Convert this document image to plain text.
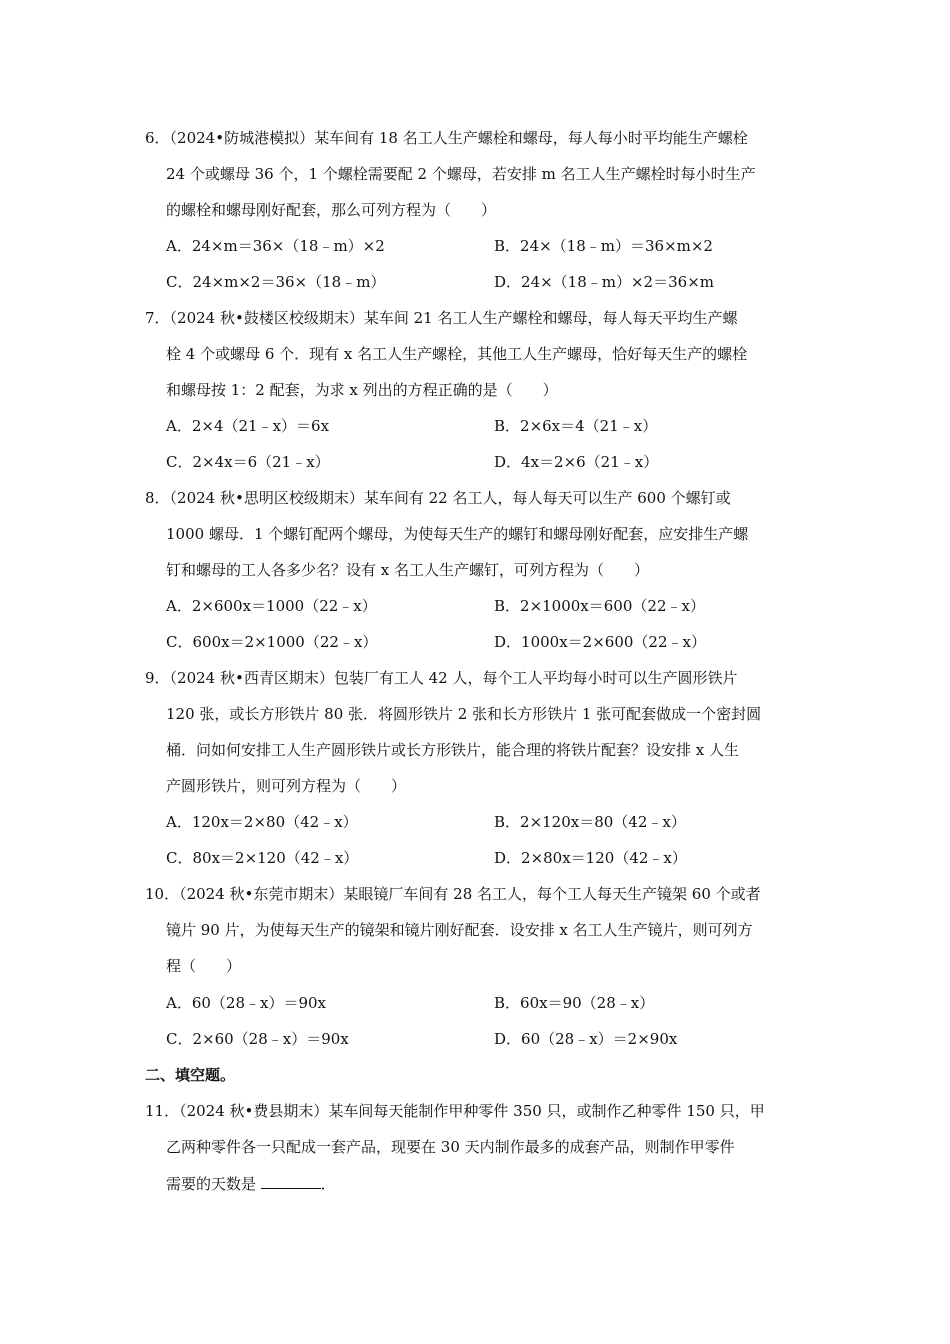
6．（2024•防城港模拟）某车间有 18 名工人生产螺栓和螺母，每人每小时平均能生产螺栓
24 个或螺母 36 个，1 个螺栓需要配 2 个螺母，若安排 m 名工人生产螺栓时每小时生产
的螺栓和螺母刚好配套，那么可列方程为（　　）
A．24×m＝36×（18﹣m）×2	B．24×（18﹣m）＝36×m×2
C．24×m×2＝36×（18﹣m）	D．24×（18﹣m）×2＝36×m
7．（2024 秋•鼓楼区校级期末）某车间 21 名工人生产螺栓和螺母，每人每天平均生产螺
栓 4 个或螺母 6 个．现有 x 名工人生产螺栓，其他工人生产螺母，恰好每天生产的螺栓
和螺母按 1：2 配套，为求 x 列出的方程正确的是（　　）
A．2×4（21﹣x）＝6x	B．2×6x＝4（21﹣x）
C．2×4x＝6（21﹣x）	D．4x＝2×6（21﹣x）
8．（2024 秋•思明区校级期末）某车间有 22 名工人，每人每天可以生产 600 个螺钉或
1000 螺母．1 个螺钉配两个螺母，为使每天生产的螺钉和螺母刚好配套，应安排生产螺
钉和螺母的工人各多少名？设有 x 名工人生产螺钉，可列方程为（　　）
A．2×600x＝1000（22﹣x）	B．2×1000x＝600（22﹣x）
C．600x＝2×1000（22﹣x）	D．1000x＝2×600（22﹣x）
9．（2024 秋•西青区期末）包装厂有工人 42 人，每个工人平均每小时可以生产圆形铁片
120 张，或长方形铁片 80 张．将圆形铁片 2 张和长方形铁片 1 张可配套做成一个密封圆
桶．问如何安排工人生产圆形铁片或长方形铁片，能合理的将铁片配套？设安排 x 人生
产圆形铁片，则可列方程为（　　）
A．120x＝2×80（42﹣x）	B．2×120x＝80（42﹣x）
C．80x＝2×120（42﹣x）	D．2×80x＝120（42﹣x）
10．（2024 秋•东莞市期末）某眼镜厂车间有 28 名工人，每个工人每天生产镜架 60 个或者
镜片 90 片，为使每天生产的镜架和镜片刚好配套．设安排 x 名工人生产镜片，则可列方
程（　　）
A．60（28﹣x）＝90x	B．60x＝90（28﹣x）
C．2×60（28﹣x）＝90x	D．60（28﹣x）＝2×90x
二、填空题。
11．（2024 秋•费县期末）某车间每天能制作甲种零件 350 只，或制作乙种零件 150 只，甲
乙两种零件各一只配成一套产品，现要在 30 天内制作最多的成套产品，则制作甲零件
需要的天数是	．
